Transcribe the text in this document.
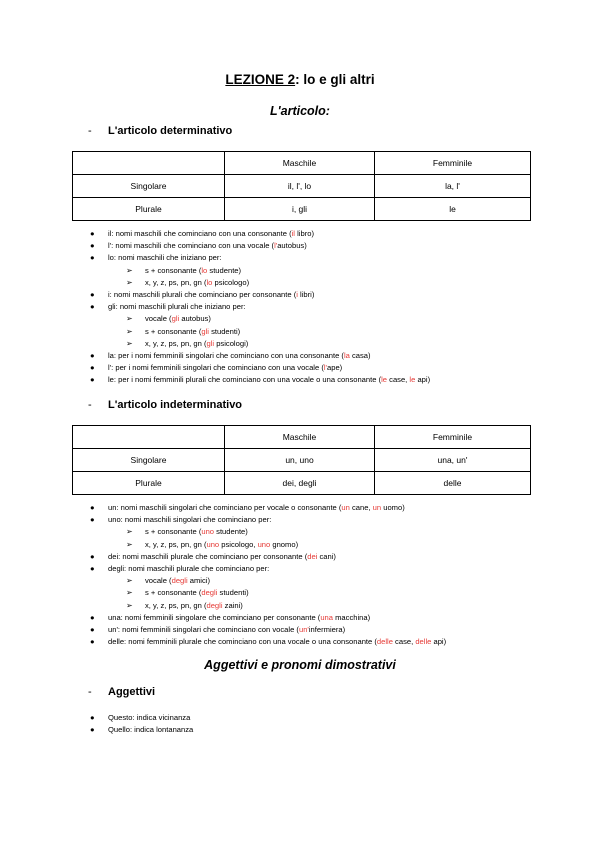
LEZIONE 2: lo e gli altri
L'articolo:
- L'articolo determinativo
	Maschile	Femminile
Singolare	il, l', lo	la, l'
Plurale	i, gli	le
● il: nomi maschili che cominciano con una consonante (il libro)
● l': nomi maschili che cominciano con una vocale (l'autobus)
● lo: nomi maschili che iniziano per:
➢ s + consonante (lo studente)
➢ x, y, z, ps, pn, gn (lo psicologo)
● i: nomi maschili plurali che cominciano per consonante (i libri)
● gli: nomi maschili plurali che iniziano per:
➢ vocale (gli autobus)
➢ s + consonante (gli studenti)
➢ x, y, z, ps, pn, gn (gli psicologi)
● la: per i nomi femminili singolari che cominciano con una consonante (la casa)
● l': per i nomi femminili singolari che cominciano con una vocale (l'ape)
● le: per i nomi femminili plurali che cominciano con una vocale o una consonante (le case, le api)
- L'articolo indeterminativo
	Maschile	Femminile
Singolare	un, uno	una, un'
Plurale	dei, degli	delle
● un: nomi maschili singolari che cominciano per vocale o consonante (un cane, un uomo)
● uno: nomi maschili singolari che cominciano per:
➢ s + consonante (uno studente)
➢ x, y, z, ps, pn, gn (uno psicologo, uno gnomo)
● dei: nomi maschili plurale che cominciano per consonante (dei cani)
● degli: nomi maschili plurale che cominciano per:
➢ vocale (degli amici)
➢ s + consonante (degli studenti)
➢ x, y, z, ps, pn, gn (degli zaini)
● una: nomi femminili singolare che cominciano per consonante (una macchina)
● un': nomi femminili singolari che cominciano con vocale (un'infermiera)
● delle: nomi femminili plurale che cominciano con una vocale o una consonante (delle case, delle api)
Aggettivi e pronomi dimostrativi
- Aggettivi
● Questo: indica vicinanza
● Quello: indica lontananza
